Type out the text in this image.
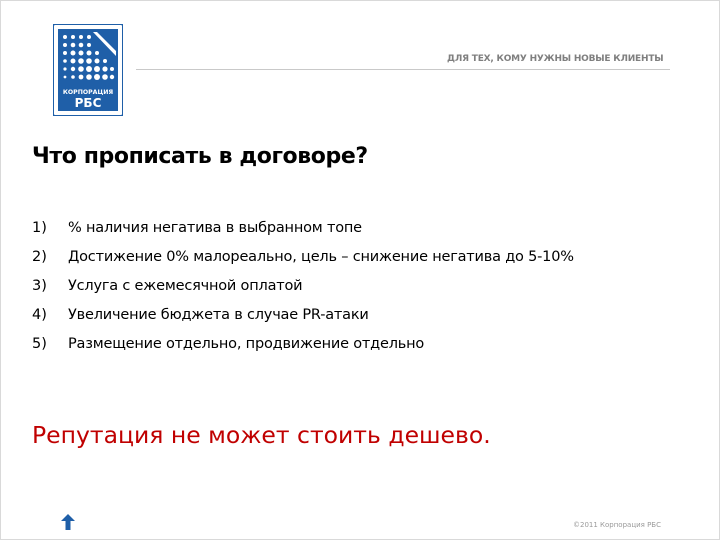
КОРПОРАЦИЯ
РБС
ДЛЯ ТЕХ, КОМУ НУЖНЫ НОВЫЕ КЛИЕНТЫ
Что прописать в договоре?
1)	% наличия негатива в выбранном топе
2)	Достижение 0% малореально, цель – снижение негатива до 5-10%
3)	Услуга с ежемесячной оплатой
4)	Увеличение бюджета в случае PR-атаки
5)	Размещение отдельно, продвижение отдельно

Репутация не может стоить дешево.

©2011 Корпорация РБС
